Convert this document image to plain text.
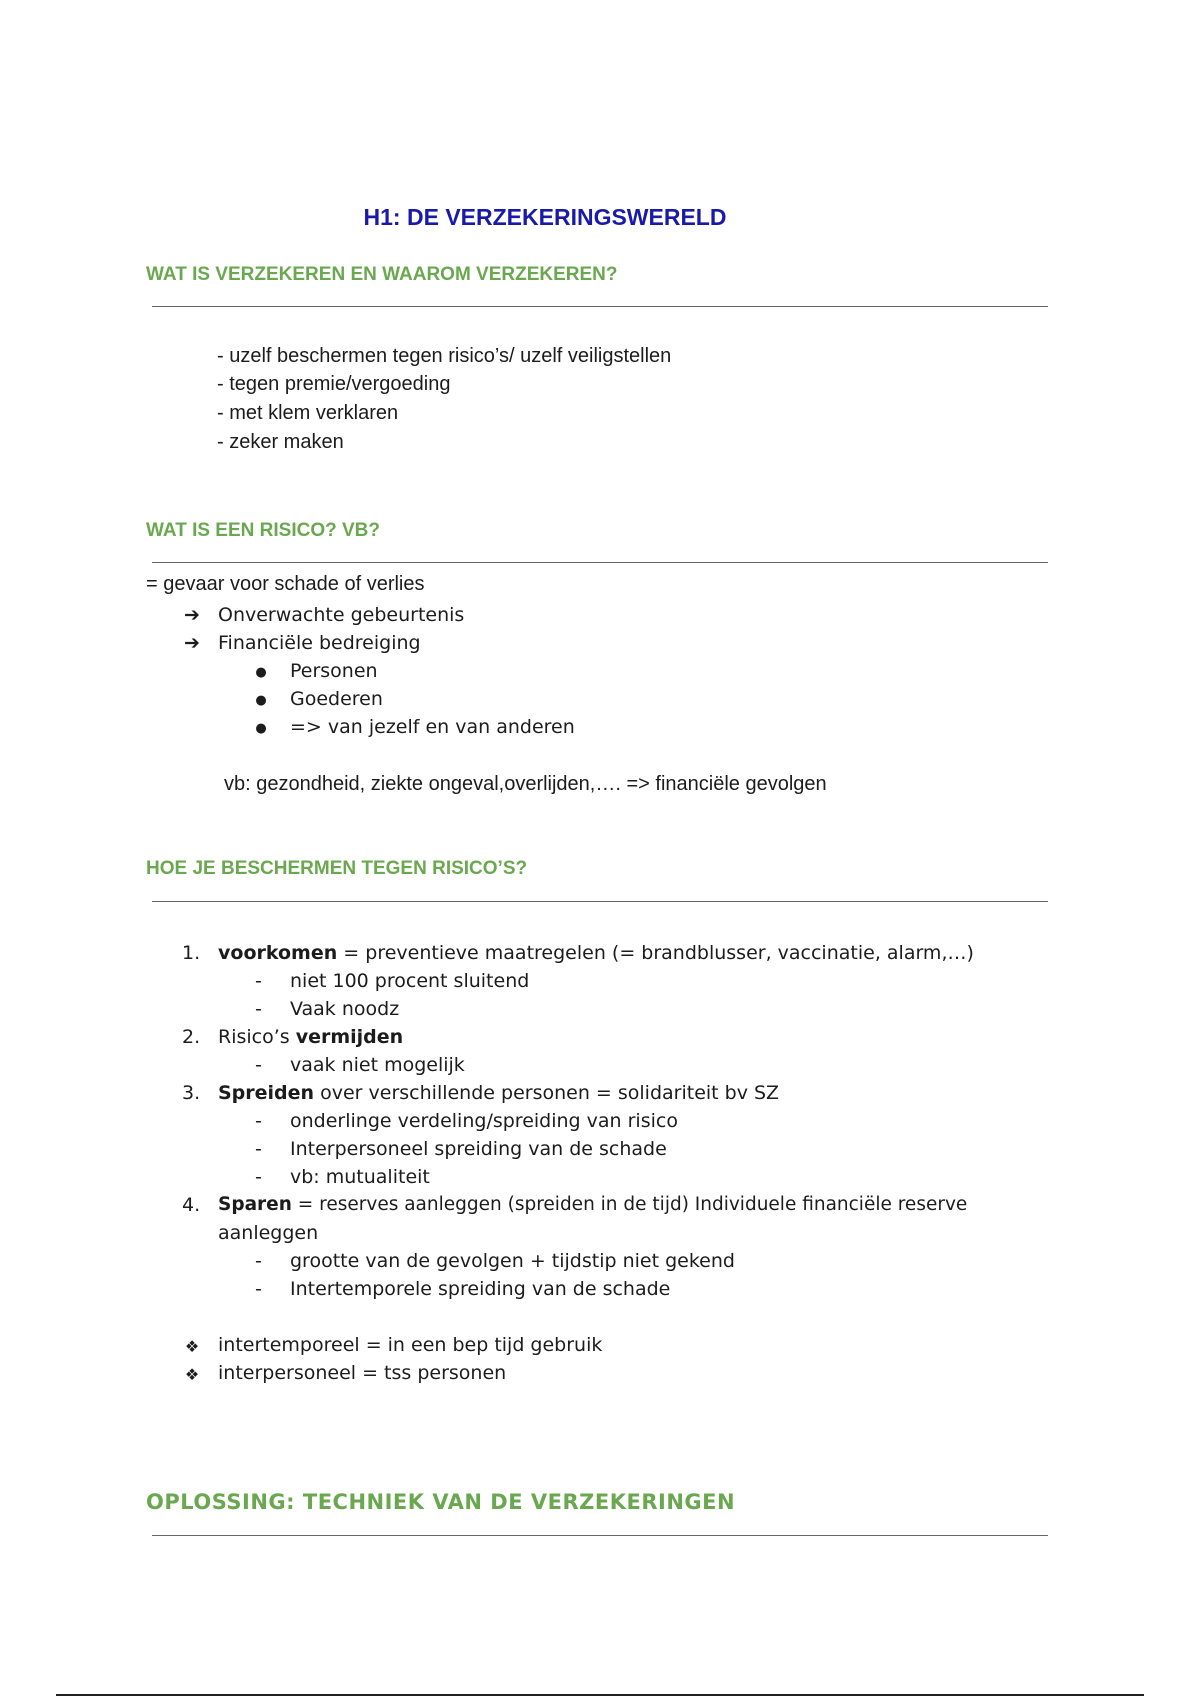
H1: DE VERZEKERINGSWERELD
WAT IS VERZEKEREN EN WAAROM VERZEKEREN?
- uzelf beschermen tegen risico’s/ uzelf veiligstellen
- tegen premie/vergoeding
- met klem verklaren
- zeker maken
WAT IS EEN RISICO? VB?
= gevaar voor schade of verlies
➔ Onverwachte gebeurtenis
➔ Financiële bedreiging
●	Personen
●	Goederen
●	=> van jezelf en van anderen
vb: gezondheid, ziekte ongeval,overlijden,…. => financiële gevolgen
HOE JE BESCHERMEN TEGEN RISICO’S?
1. voorkomen = preventieve maatregelen (= brandblusser, vaccinatie, alarm,…)
- niet 100 procent sluitend
- Vaak noodz
2. Risico’s vermijden
- vaak niet mogelijk
3. Spreiden over verschillende personen = solidariteit bv SZ
- onderlinge verdeling/spreiding van risico
- Interpersoneel spreiding van de schade
- vb: mutualiteit
4. Sparen = reserves aanleggen (spreiden in de tijd) Individuele financiële reserve
aanleggen
- grootte van de gevolgen + tijdstip niet gekend
- Intertemporele spreiding van de schade
❖ intertemporeel = in een bep tijd gebruik
❖ interpersoneel = tss personen
OPLOSSING: TECHNIEK VAN DE VERZEKERINGEN
